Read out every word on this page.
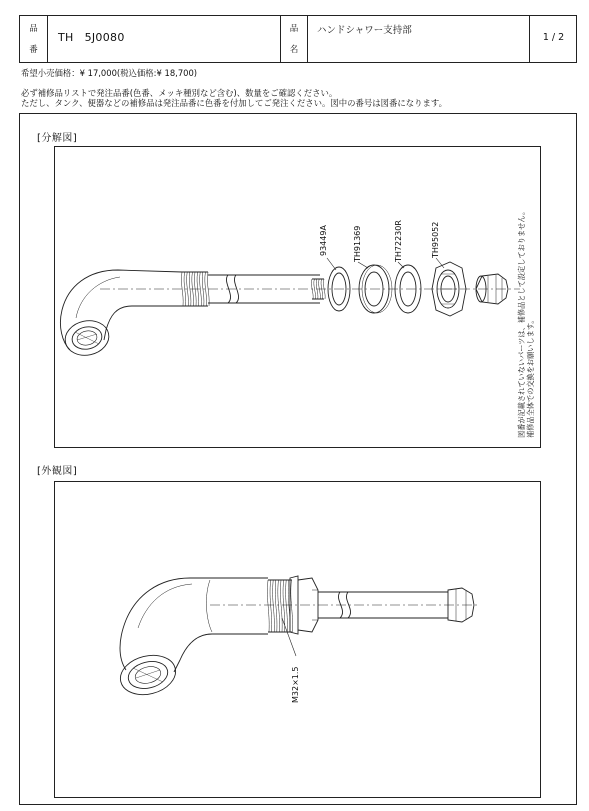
品
番
TH 5J0080
品
名
ハンドシャワー支持部
1 / 2
希望小売価格：¥ 17,000(税込価格:¥ 18,700)
必ず補修品リストで発注品番(色番、メッキ種別など含む)、数量をご確認ください。
ただし、タンク、便器などの補修品は発注品番に色番を付加してご発注ください。図中の番号は図番になります。
[分解図]
[外観図]
93449A	TH91369	TH72230R	TH95052	図番が記載されていないパーツは、補修品として設定しておりません。 補修品全体での交換をお願いします。
M32×1.5
